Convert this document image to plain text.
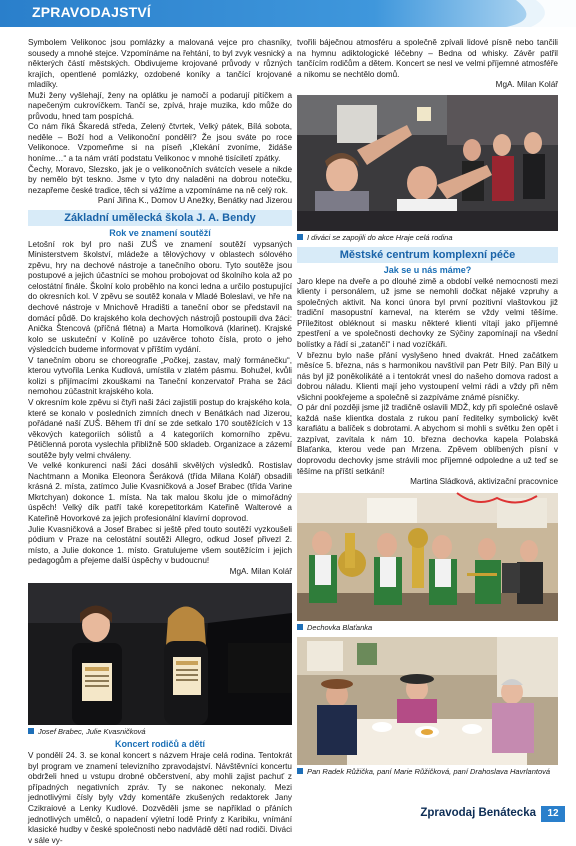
ZPRAVODAJSTVÍ

Symbolem Velikonoc jsou pomlázky a malovaná vejce pro chasníky, sousedy a mnohé stejce. Vzpomínáme na řehtání, to byl zvyk vesnický a některých částí městských. Obdivujeme krojované průvody v různých krajích, opentlené pomlázky, ozdobené koníky a tančící krojované mladíky.

Muži ženy vyšlehají, ženy na oplátku je namočí a podarují pitíčkem a napečeným cukrovíčkem. Tančí se, zpívá, hraje muzika, kdo může do průvodu, hned tam pospíchá.

Co nám říká Škaredá středa, Zelený čtvrtek, Velký pátek, Bílá sobota, neděle – Boží hod a Velikonoční pondělí? Že jsou sváte po roce Velikonoce. Vzpomeňme si na píseň „Klekání zvoníme, židáše honíme…“ a ta nám vrátí podstatu Velikonoc v mnohé tisíciletí zpátky.

Čechy, Moravo, Slezsko, jak je o velikonočních svátcích vesele a nikde by nemělo být teskno. Jsme v tyto dny naladěni na dobrou notečku, nezapřeme české tradice, těch si vážíme a vzpomínáme na ně celý rok.

Paní Jiřina K., Domov U Anežky, Benátky nad Jizerou

Základní umělecká škola J. A. Bendy
Rok ve znamení soutěží

Letošní rok byl pro naši ZUŠ ve znamení soutěží vypsaných Ministerstvem školství, mládeže a tělovýchovy v oblastech sólového zpěvu, hry na dechové nástroje a tanečního oboru. Tyto soutěže jsou postupové a jejich účastníci se mohou probojovat od školního kola až po celostátní finále. Školní kolo proběhlo na konci ledna a určilo postupující do okresních kol. V zpěvu se soutěž konala v Mladé Boleslavi, ve hře na dechové nástroje v Mnichově Hradišti a taneční obor se představil na domácí půdě. Do krajského kola dechových nástrojů postoupili dva žáci: Anička Štencová (příčná flétna) a Marta Homolková (klarinet). Krajské kolo se uskuteční v Kolíně po uzávěrce tohoto čísla, proto o jeho výsledcích budeme informovat v příštím vydání.

V tanečním oboru se choreografie „Počkej, zastav, malý formánečku“, kterou vytvořila Lenka Kudlová, umístila v zlatém pásmu. Bohužel, kvůli kolizi s přijímacími zkouškami na Taneční konzervatoř Praha se žáci nemohou zúčastnit krajského kola.

V okresním kole zpěvu si čtyři naši žáci zajistili postup do krajského kola, které se konalo v posledních zimních dnech v Benátkách nad Jizerou, pořádané naší ZUŠ. Během tří dní se zde setkalo 170 soutěžících v 13 věkových kategoriích sólistů a 4 kategoriích komorního zpěvu. Pětičlenná porota vyslechla přibližně 500 skladeb. Organizace a zázemí soutěže byly velmi chváleny.

Ve velké konkurenci naši žáci dosáhli skvělých výsledků. Rostislav Nachtmann a Monika Eleonora Šeráková (třída Milana Kolář) obsadili krásná 2. místa, zatímco Julie Kvasničková a Josef Brabec (třída Varine Mkrtchyan) dokonce 1. místa. Na tak malou školu jde o mimořádný úspěch! Velký dík patří také korepetitorkám Kateřině Walterové a Kateřině Hovorkové za jejich profesionální klavírní doprovod.

Julie Kvasničková a Josef Brabec si ještě před touto soutěží vyzkoušeli pódium v Praze na celostátní soutěži Allegro, odkud Josef přivezl 2. místo, a Julie dokonce 1. místo. Gratulujeme všem soutěžícím i jejich pedagogům a přejeme další úspěchy v budoucnu!

MgA. Milan Kolář

Josef Brabec, Julie Kvasničková
Koncert rodičů a dětí

V pondělí 24. 3. se konal koncert s názvem Hraje celá rodina. Tentokrát byl program ve znamení televizního zpravodajství. Návštěvníci koncertu obdrželi hned u vstupu drobné občerstvení, aby mohli zajist pachuť z případných negativních zpráv. Ty se nakonec nekonaly. Mezi jednotlivými čísly byly vždy komentáře zkušených redaktorek Jany Czikraiové a Lenky Kudlové. Dozvěděli jsme se například o přáních jednotlivých umělců, o napadení výletní lodě Prinfy z Karibiku, vnímání klasické hudby v české společnosti nebo nadvládě dětí nad rodiči. Diváci v sále vy-

tvořili báječnou atmosféru a společně zpívali lidové písně nebo tančili na hymnu adiktologické léčebny – Bedna od whisky. Závěr patřil tančícím rodičům a dětem. Koncert se nesl ve velmi příjemné atmosféře a nikomu se nechtělo domů.

MgA. Milan Kolář

I diváci se zapojili do akce Hraje celá rodina
Městské centrum komplexní péče
Jak se u nás máme?

Jaro klepe na dveře a po dlouhé zimě a období velké nemocnosti mezi klienty i personálem, už jsme se nemohli dočkat nějaké vzpruhy a společných aktivit. Na konci února byl první pozitivní vlaštovkou již tradiční masopustní karneval, na kterém se vždy velmi těšíme. Příležitost obléknout si masku některé klienti vítají jako příjemné zpestření a ve společnosti dechovky ze Sýčiny zapomínají na všední bolístky a řádí si „zatančí“ i nad vozíčkáři.

V březnu bylo naše přání vyslyšeno hned dvakrát. Hned začátkem měsíce 5. března, nás s harmonikou navštívil pan Petr Bílý. Pan Bílý u nás byl již poněkolikáté a i tentokrát vnesl do našeho domova radost a dobrou náladu. Klienti mají jeho vystoupení velmi rádi a vždy při něm všichni pookřejeme a společně si zazpíváme známé písničky.

O pár dní později jsme již tradičně oslavili MDŽ, kdy při společné oslavě každá naše klientka dostala z rukou paní ředitelky symbolický květ karafiátu a balíček s dobrotami. A abychom si mohli s světku žen opět i zazpívat, zavítala k nám 10. března dechovka kapela Polabská Blaťanka, kterou vede pan Mrzena. Zpěvem oblíbených písní v doprovodu dechovky jsme strávili moc příjemné odpoledne a už teď se těšíme na příští setkání!

Martina Sládková, aktivizační pracovnice

Dechovka Blaťanka
Pan Radek Růžička, paní Marie Růžičková, paní Drahoslava Havrlantová
Zpravodaj Benátecka	12
